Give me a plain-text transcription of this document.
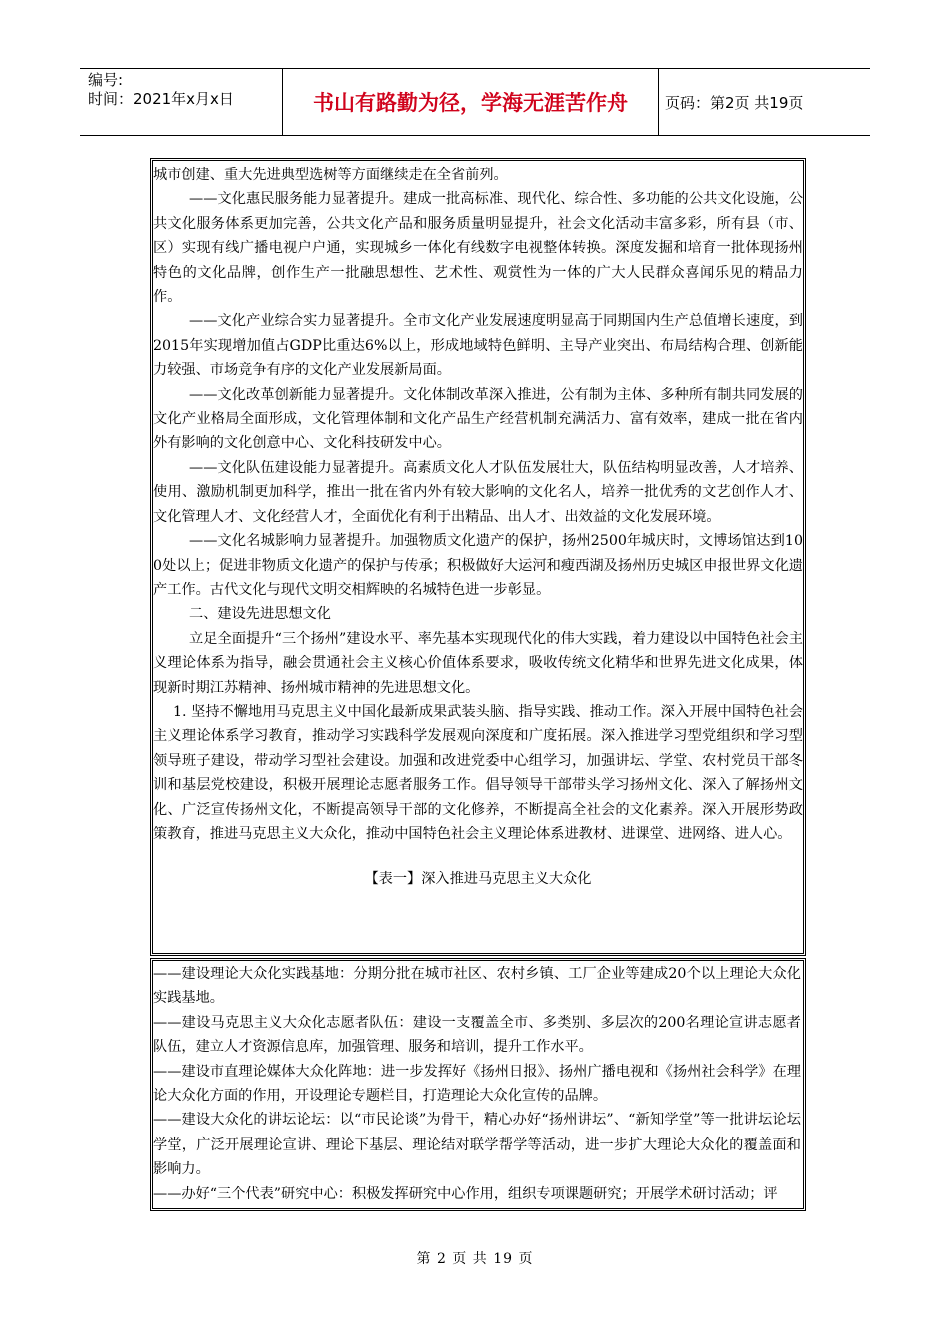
编号:
时间：2021年x月x日	书山有路勤为径，学海无涯苦作舟	页码：第2页 共19页

城市创建、重大先进典型选树等方面继续走在全省前列。

——文化惠民服务能力显著提升。建成一批高标准、现代化、综合性、多功能的公共文化设施，公共文化服务体系更加完善，公共文化产品和服务质量明显提升，社会文化活动丰富多彩，所有县（市、区）实现有线广播电视户户通，实现城乡一体化有线数字电视整体转换。深度发掘和培育一批体现扬州特色的文化品牌，创作生产一批融思想性、艺术性、观赏性为一体的广大人民群众喜闻乐见的精品力作。

——文化产业综合实力显著提升。全市文化产业发展速度明显高于同期国内生产总值增长速度，到2015年实现增加值占GDP比重达6%以上，形成地域特色鲜明、主导产业突出、布局结构合理、创新能力较强、市场竞争有序的文化产业发展新局面。

——文化改革创新能力显著提升。文化体制改革深入推进，公有制为主体、多种所有制共同发展的文化产业格局全面形成，文化管理体制和文化产品生产经营机制充满活力、富有效率，建成一批在省内外有影响的文化创意中心、文化科技研发中心。

——文化队伍建设能力显著提升。高素质文化人才队伍发展壮大，队伍结构明显改善，人才培养、使用、激励机制更加科学，推出一批在省内外有较大影响的文化名人，培养一批优秀的文艺创作人才、文化管理人才、文化经营人才，全面优化有利于出精品、出人才、出效益的文化发展环境。

——文化名城影响力显著提升。加强物质文化遗产的保护，扬州2500年城庆时，文博场馆达到100处以上；促进非物质文化遗产的保护与传承；积极做好大运河和瘦西湖及扬州历史城区申报世界文化遗产工作。古代文化与现代文明交相辉映的名城特色进一步彰显。

二、建设先进思想文化

立足全面提升“三个扬州”建设水平、率先基本实现现代化的伟大实践，着力建设以中国特色社会主义理论体系为指导，融会贯通社会主义核心价值体系要求，吸收传统文化精华和世界先进文化成果，体现新时期江苏精神、扬州城市精神的先进思想文化。

1. 坚持不懈地用马克思主义中国化最新成果武装头脑、指导实践、推动工作。深入开展中国特色社会主义理论体系学习教育，推动学习实践科学发展观向深度和广度拓展。深入推进学习型党组织和学习型领导班子建设，带动学习型社会建设。加强和改进党委中心组学习，加强讲坛、学堂、农村党员干部冬训和基层党校建设，积极开展理论志愿者服务工作。倡导领导干部带头学习扬州文化、深入了解扬州文化、广泛宣传扬州文化，不断提高领导干部的文化修养，不断提高全社会的文化素养。深入开展形势政策教育，推进马克思主义大众化，推动中国特色社会主义理论体系进教材、进课堂、进网络、进人心。

【表一】深入推进马克思主义大众化

——建设理论大众化实践基地：分期分批在城市社区、农村乡镇、工厂企业等建成20个以上理论大众化实践基地。

——建设马克思主义大众化志愿者队伍：建设一支覆盖全市、多类别、多层次的200名理论宣讲志愿者队伍，建立人才资源信息库，加强管理、服务和培训，提升工作水平。

——建设市直理论媒体大众化阵地：进一步发挥好《扬州日报》、扬州广播电视和《扬州社会科学》在理论大众化方面的作用，开设理论专题栏目，打造理论大众化宣传的品牌。

——建设大众化的讲坛论坛：以“市民论谈”为骨干，精心办好“扬州讲坛”、“新知学堂”等一批讲坛论坛学堂，广泛开展理论宣讲、理论下基层、理论结对联学帮学等活动，进一步扩大理论大众化的覆盖面和影响力。

——办好“三个代表”研究中心：积极发挥研究中心作用，组织专项课题研究；开展学术研讨活动；评

第 2 页 共 19 页
